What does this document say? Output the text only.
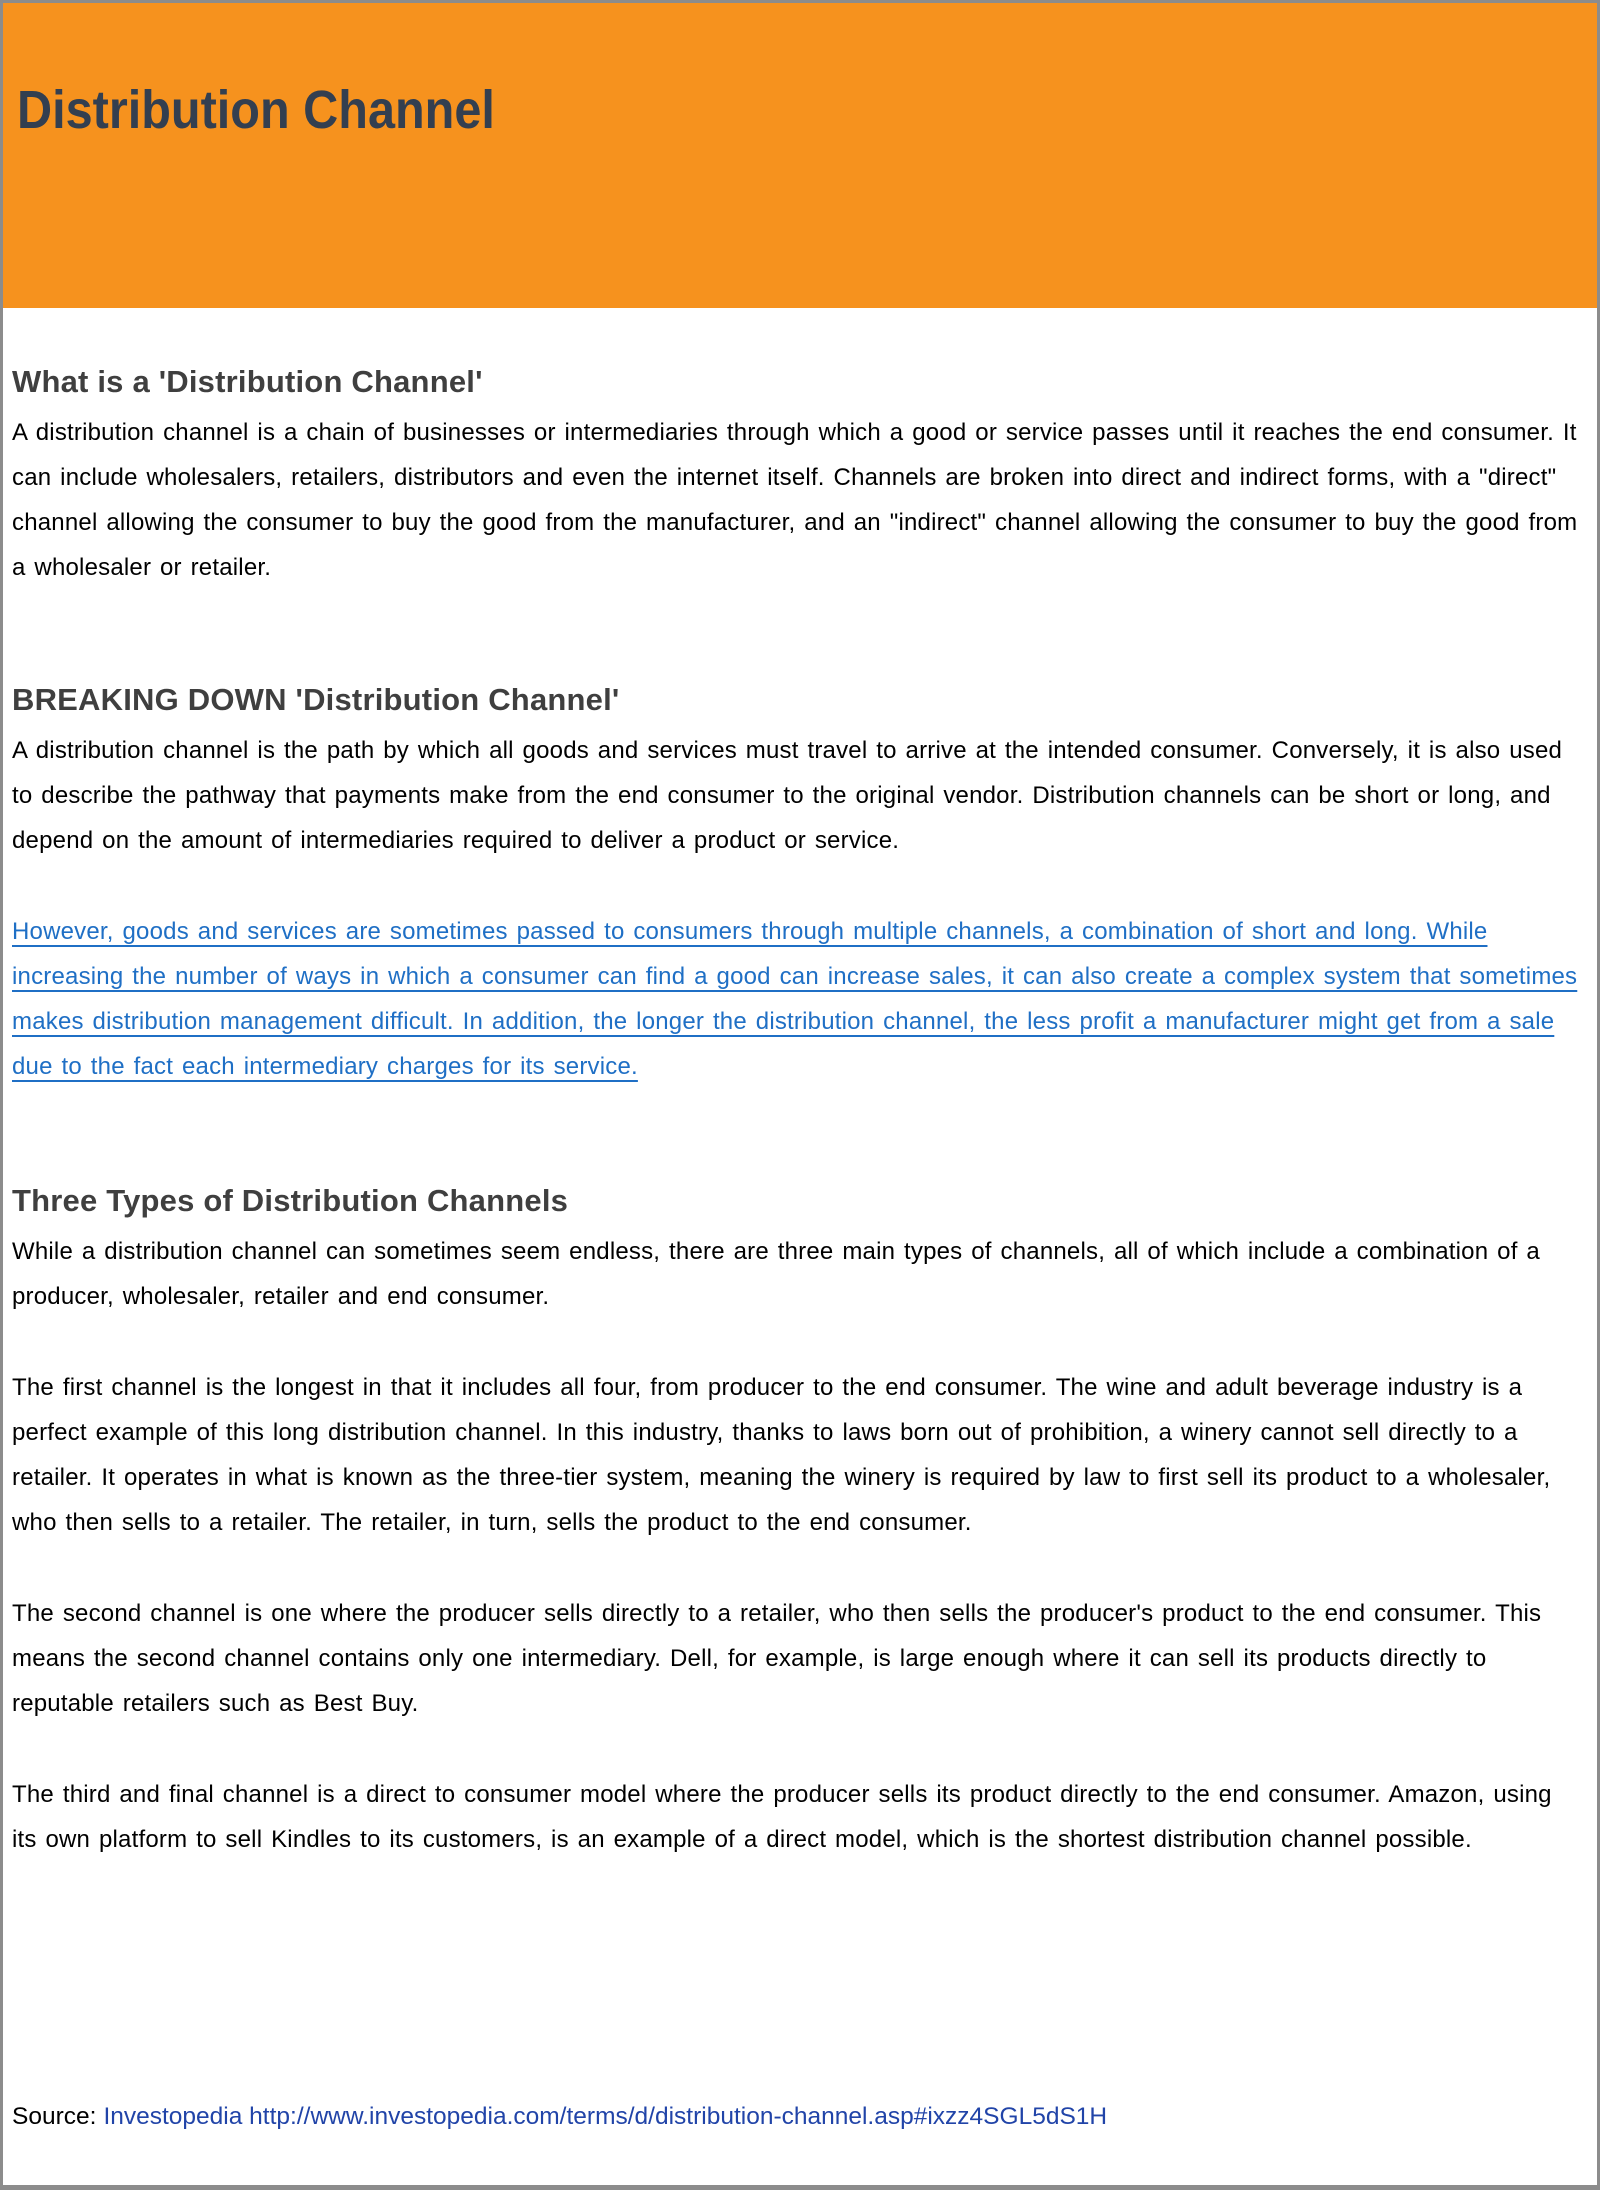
Distribution Channel
What is a 'Distribution Channel'

A distribution channel is a chain of businesses or intermediaries through which a good or service passes until it reaches the end consumer. It can include wholesalers, retailers, distributors and even the internet itself. Channels are broken into direct and indirect forms, with a "direct" channel allowing the consumer to buy the good from the manufacturer, and an "indirect" channel allowing the consumer to buy the good from a wholesaler or retailer.

BREAKING DOWN 'Distribution Channel'

A distribution channel is the path by which all goods and services must travel to arrive at the intended consumer. Conversely, it is also used to describe the pathway that payments make from the end consumer to the original vendor. Distribution channels can be short or long, and depend on the amount of intermediaries required to deliver a product or service.

However, goods and services are sometimes passed to consumers through multiple channels, a combination of short and long. While increasing the number of ways in which a consumer can find a good can increase sales, it can also create a complex system that sometimes makes distribution management difficult. In addition, the longer the distribution channel, the less profit a manufacturer might get from a sale due to the fact each intermediary charges for its service.
Three Types of Distribution Channels

While a distribution channel can sometimes seem endless, there are three main types of channels, all of which include a combination of a producer, wholesaler, retailer and end consumer.

The first channel is the longest in that it includes all four, from producer to the end consumer. The wine and adult beverage industry is a perfect example of this long distribution channel. In this industry, thanks to laws born out of prohibition, a winery cannot sell directly to a retailer. It operates in what is known as the three-tier system, meaning the winery is required by law to first sell its product to a wholesaler, who then sells to a retailer. The retailer, in turn, sells the product to the end consumer.

The second channel is one where the producer sells directly to a retailer, who then sells the producer's product to the end consumer. This means the second channel contains only one intermediary. Dell, for example, is large enough where it can sell its products directly to reputable retailers such as Best Buy.

The third and final channel is a direct to consumer model where the producer sells its product directly to the end consumer. Amazon, using its own platform to sell Kindles to its customers, is an example of a direct model, which is the shortest distribution channel possible.

Source: Investopedia http://www.investopedia.com/terms/d/distribution-channel.asp#ixzz4SGL5dS1H
